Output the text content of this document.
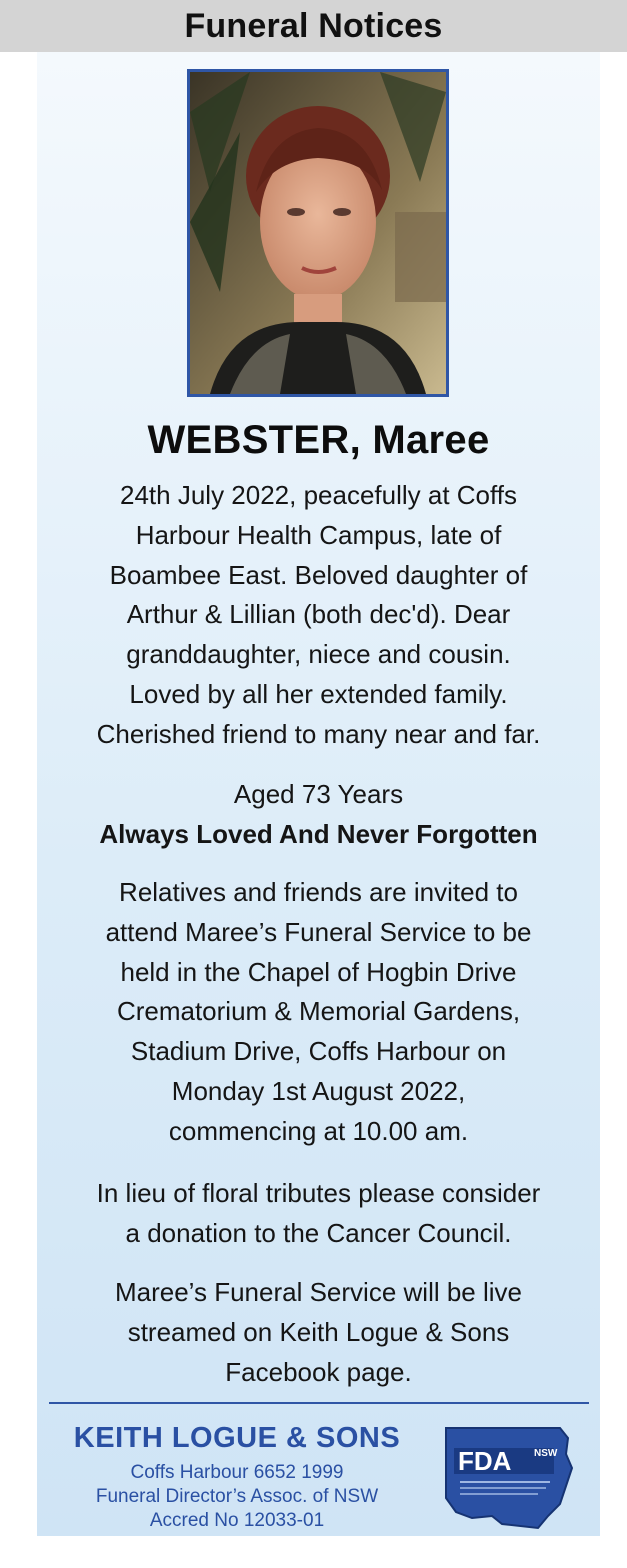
Funeral Notices
WEBSTER, Maree
24th July 2022, peacefully at Coffs
Harbour Health Campus, late of
Boambee East. Beloved daughter of
Arthur & Lillian (both dec'd). Dear
granddaughter, niece and cousin.
Loved by all her extended family.
Cherished friend to many near and far.
Aged 73 Years
Always Loved And Never Forgotten
Relatives and friends are invited to
attend Maree’s Funeral Service to be
held in the Chapel of Hogbin Drive
Crematorium & Memorial Gardens,
Stadium Drive, Coffs Harbour on
Monday 1st August 2022,
commencing at 10.00 am.
In lieu of floral tributes please consider
a donation to the Cancer Council.
Maree’s Funeral Service will be live
streamed on Keith Logue & Sons
Facebook page.
KEITH LOGUE & SONS
Coffs Harbour 6652 1999
Funeral Director’s Assoc. of NSW
Accred No 12033-01
FDA NSW
